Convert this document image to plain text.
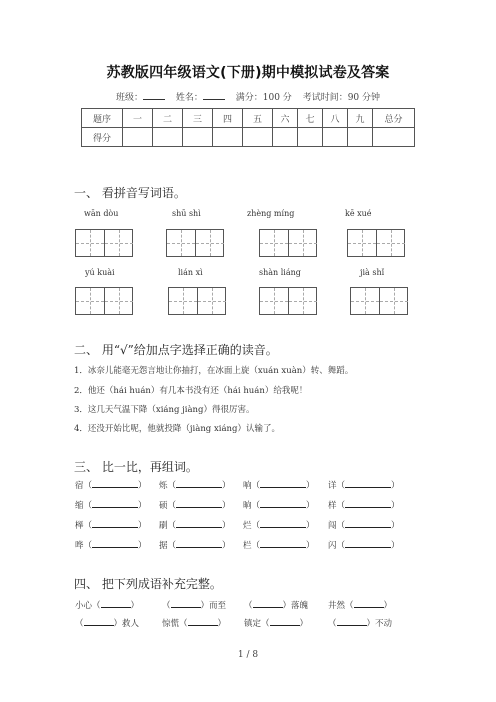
苏教版四年级语文(下册)期中模拟试卷及答案
班级：	姓名：	满分：100 分 考试时间：90 分钟
题序	一	二	三	四	五	六	七	八	九	总分
得分										
一、 看拼音写词语。
wān dòu	shū shì	zhèng míng	kē xué
yú kuài	lián xì	shàn liáng	jià shǐ
二、 用“√”给加点字选择正确的读音。
1．冰奈儿能毫无怨言地让你抽打，在冰面上旋（xuán xuàn）转、舞蹈。
2．他还（hái huán）有几本书没有还（hái huán）给我呢！
3．这几天气温下降（xiáng jiàng）得很厉害。
4．还没开始比呢，他就投降（jiàng xiáng）认输了。
三、 比一比，再组词。
宿（	） 烁（	） 响（	） 详（	）
缩（	） 硕（	） 晌（	） 样（	）
榉（	） 刷（	） 烂（	） 闯（	）
哗（	） 据（	） 栏（	） 闪（	）
四、 把下列成语补充完整。
小心（	）	（	）而至 （	）落魄 井然（	）
（	）救人	惊慌（	） 镇定（	） （	）不动
1 / 8
